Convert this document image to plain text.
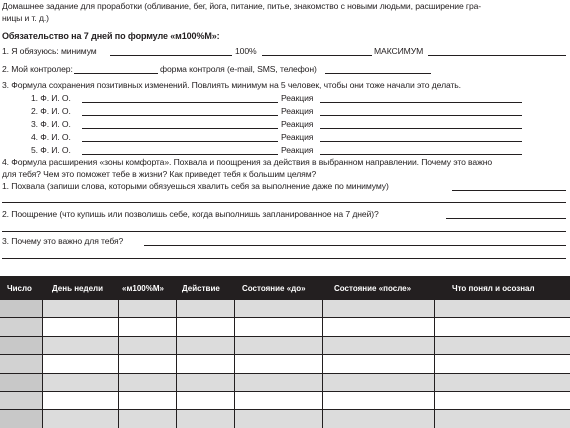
Домашнее задание для проработки (обливание, бег, йога, питание, питье, знакомство с новыми людьми, расширение гра-
ницы и т. д.)
Обязательство на 7 дней по формуле «м100%М»:
1. Я обязуюсь: минимум	100%	МАКСИМУМ
2. Мой контролер:	форма контроля (e-mail, SMS, телефон)
3. Формула сохранения позитивных изменений. Повлиять минимум на 5 человек, чтобы они тоже начали это делать.
1. Ф. И. О.	Реакция
2. Ф. И. О.	Реакция
3. Ф. И. О.	Реакция
4. Ф. И. О.	Реакция
5. Ф. И. О.	Реакция
4. Формула расширения «зоны комфорта». Похвала и поощрения за действия в выбранном направлении. Почему это важно
для тебя? Чем это поможет тебе в жизни? Как приведет тебя к большим целям?
1. Похвала (запиши слова, которыми обязуешься хвалить себя за выполнение даже по минимуму)
2. Поощрение (что купишь или позволишь себе, когда выполнишь запланированное на 7 дней)?
3. Почему это важно для тебя?
Число	День недели	«м100%М»	Действие	Состояние «до»	Состояние «после»	Что понял и осознал
